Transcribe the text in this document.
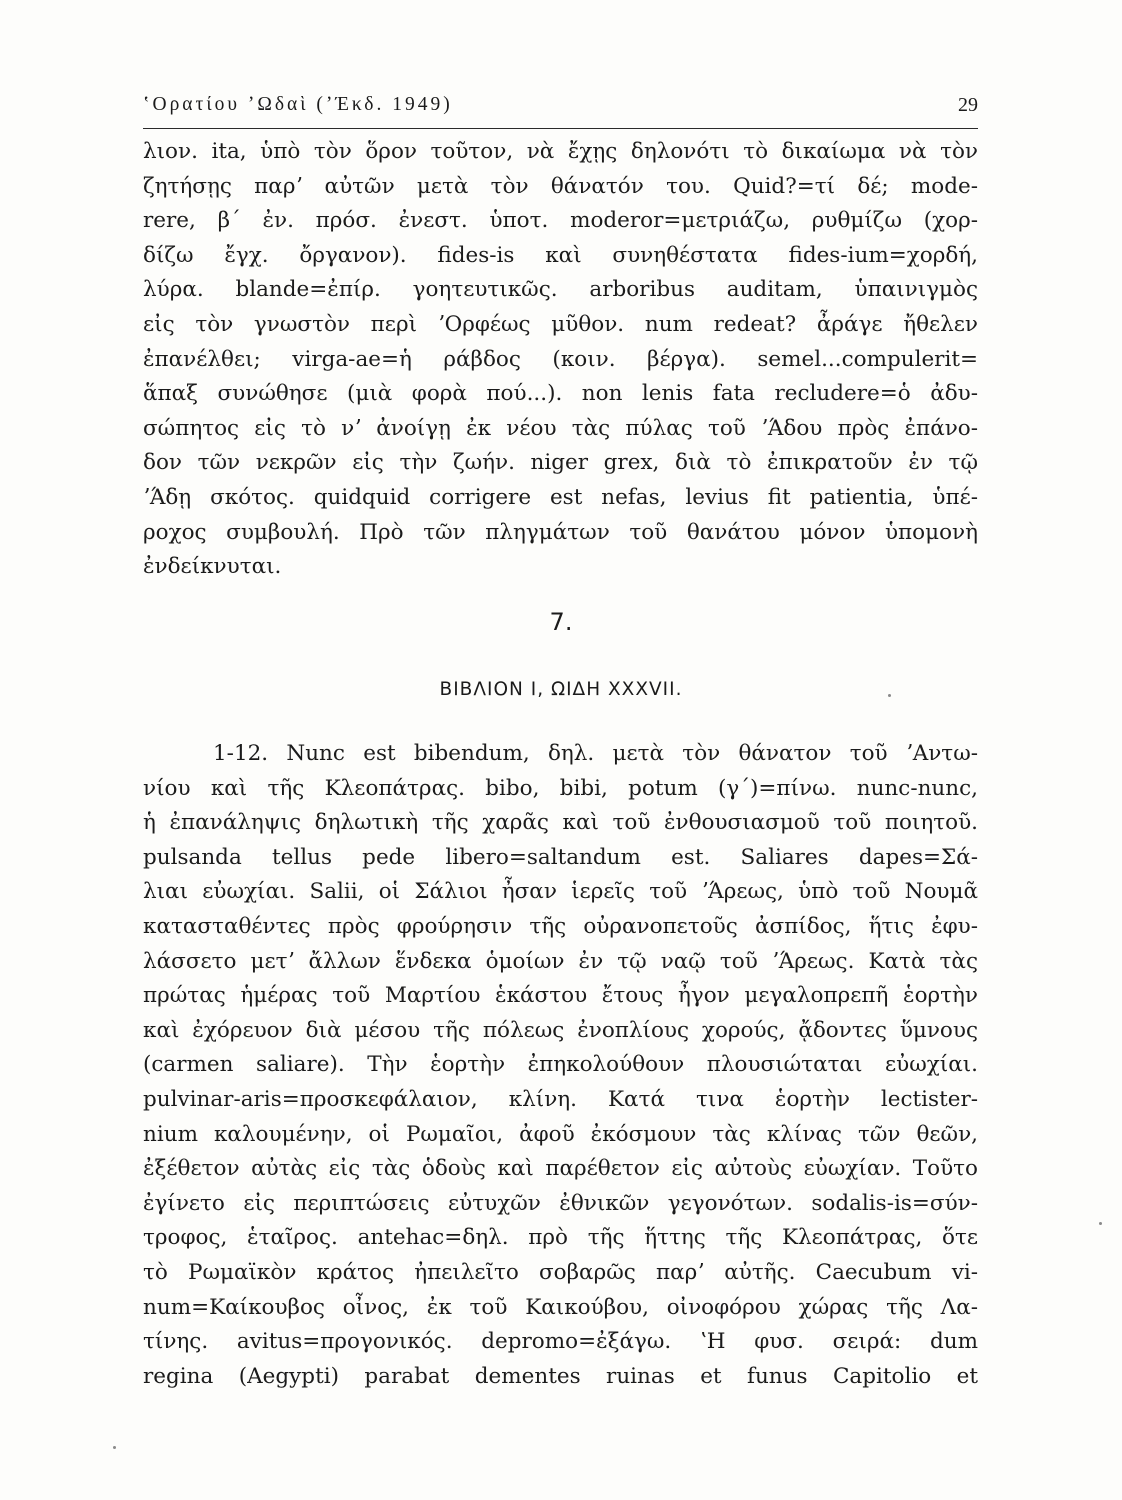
ʽΟρατίου ʼΩδαὶ (ʼΈκδ. 1949)	29
λιον. ita, ὑπὸ τὸν ὅρον τοῦτον, νὰ ἔχῃς δηλονότι τὸ δικαίωμα νὰ τὸν
ζητήσῃς παρʼ αὐτῶν μετὰ τὸν θάνατόν του. Quid?=τί δέ; mode-
rere, β΄ ἐν. πρόσ. ἐνεστ. ὑποτ. moderor=μετριάζω, ρυθμίζω (χορ-
δίζω ἔγχ. ὄργανον). fides-is καὶ συνηθέστατα fides-ium=χορδή,
λύρα. blande=ἐπίρ. γοητευτικῶς. arboribus auditam, ὑπαινιγμὸς
εἰς τὸν γνωστὸν περὶ ʼΟρφέως μῦθον. num redeat? ἆράγε ἤθελεν
ἐπανέλθει; virga-ae=ἡ ράβδος (κοιν. βέργα). semel...compulerit=
ἅπαξ συνώθησε (μιὰ φορὰ πού...). non lenis fata recludere=ὁ ἀδυ-
σώπητος εἰς τὸ νʼ ἀνοίγῃ ἐκ νέου τὰς πύλας τοῦ ʼΆδου πρὸς ἐπάνο-
δον τῶν νεκρῶν εἰς τὴν ζωήν. niger grex, διὰ τὸ ἐπικρατοῦν ἐν τῷ
ʼΆδῃ σκότος. quidquid corrigere est nefas, levius fit patientia, ὑπέ-
ροχος συμβουλή. Πρὸ τῶν πληγμάτων τοῦ θανάτου μόνον ὑπομονὴ
ἐνδείκνυται.
7.
ΒΙΒΛΙΟΝ Ι, ΩΙΔΗ XXXVII.
1-12. Nunc est bibendum, δηλ. μετὰ τὸν θάνατον τοῦ ʼΑντω-
νίου καὶ τῆς Κλεοπάτρας. bibo, bibi, potum (γ΄)=πίνω. nunc-nunc,
ἡ ἐπανάληψις δηλωτικὴ τῆς χαρᾶς καὶ τοῦ ἐνθουσιασμοῦ τοῦ ποιητοῦ.
pulsanda tellus pede libero=saltandum est. Saliares dapes=Σά-
λιαι εὐωχίαι. Salii, οἱ Σάλιοι ἦσαν ἱερεῖς τοῦ ʼΆρεως, ὑπὸ τοῦ Νουμᾶ
κατασταθέντες πρὸς φρούρησιν τῆς οὐρανοπετοῦς ἀσπίδος, ἥτις ἐφυ-
λάσσετο μετʼ ἄλλων ἕνδεκα ὁμοίων ἐν τῷ ναῷ τοῦ ʼΆρεως. Κατὰ τὰς
πρώτας ἡμέρας τοῦ Μαρτίου ἑκάστου ἔτους ἦγον μεγαλοπρεπῆ ἑορτὴν
καὶ ἐχόρευον διὰ μέσου τῆς πόλεως ἐνοπλίους χορούς, ᾄδοντες ὕμνους
(carmen saliare). Τὴν ἑορτὴν ἐπηκολούθουν πλουσιώταται εὐωχίαι.
pulvinar-aris=προσκεφάλαιον, κλίνη. Κατά τινα ἑορτὴν lectister-
nium καλουμένην, οἱ Ρωμαῖοι, ἀφοῦ ἐκόσμουν τὰς κλίνας τῶν θεῶν,
ἐξέθετον αὐτὰς εἰς τὰς ὁδοὺς καὶ παρέθετον εἰς αὐτοὺς εὐωχίαν. Τοῦτο
ἐγίνετο εἰς περιπτώσεις εὐτυχῶν ἐθνικῶν γεγονότων. sodalis-is=σύν-
τροφος, ἑταῖρος. antehac=δηλ. πρὸ τῆς ἥττης τῆς Κλεοπάτρας, ὅτε
τὸ Ρωμαϊκὸν κράτος ἠπειλεῖτο σοβαρῶς παρʼ αὐτῆς. Caecubum vi-
num=Καίκουβος οἶνος, ἐκ τοῦ Καικούβου, οἰνοφόρου χώρας τῆς Λα-
τίνης. avitus=προγονικός. depromo=ἐξάγω. ʽΗ φυσ. σειρά: dum
regina (Aegypti) parabat dementes ruinas et funus Capitolio et
